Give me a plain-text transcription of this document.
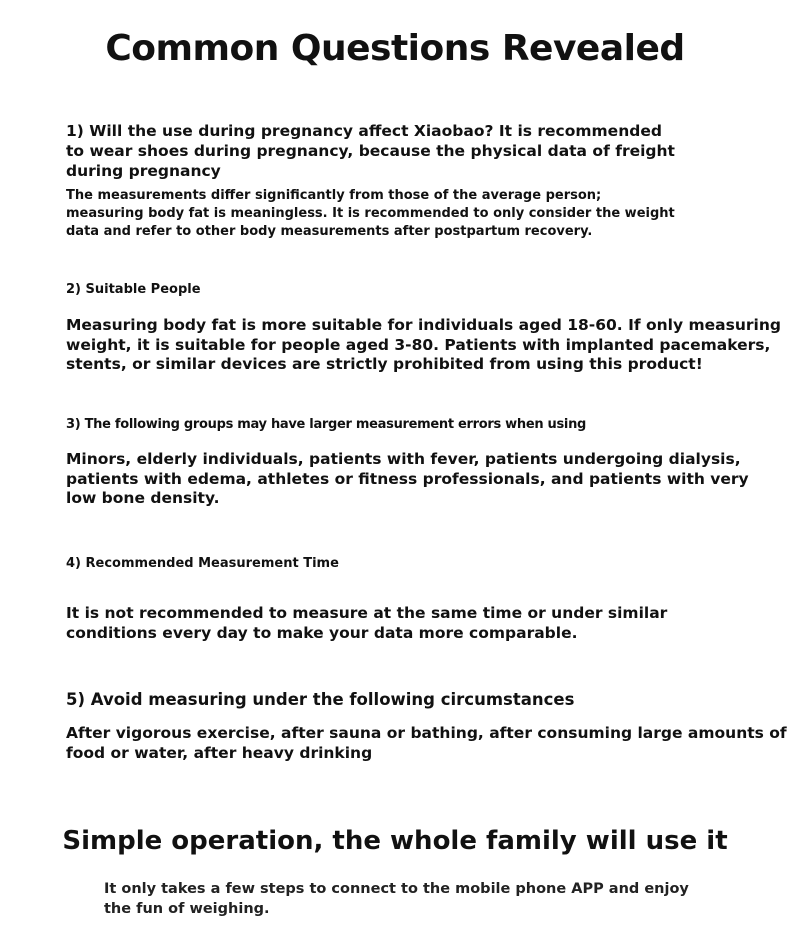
Common Questions Revealed
1) Will the use during pregnancy affect Xiaobao? It is recommended
to wear shoes during pregnancy, because the physical data of freight
during pregnancy
The measurements differ significantly from those of the average person;
measuring body fat is meaningless. It is recommended to only consider the weight
data and refer to other body measurements after postpartum recovery.
2) Suitable People
Measuring body fat is more suitable for individuals aged 18-60. If only measuring
weight, it is suitable for people aged 3-80. Patients with implanted pacemakers,
stents, or similar devices are strictly prohibited from using this product!
3) The following groups may have larger measurement errors when using
Minors, elderly individuals, patients with fever, patients undergoing dialysis,
patients with edema, athletes or fitness professionals, and patients with very
low bone density.
4) Recommended Measurement Time
It is not recommended to measure at the same time or under similar
conditions every day to make your data more comparable.
5) Avoid measuring under the following circumstances
After vigorous exercise, after sauna or bathing, after consuming large amounts of
food or water, after heavy drinking
Simple operation, the whole family will use it
It only takes a few steps to connect to the mobile phone APP and enjoy
the fun of weighing.
